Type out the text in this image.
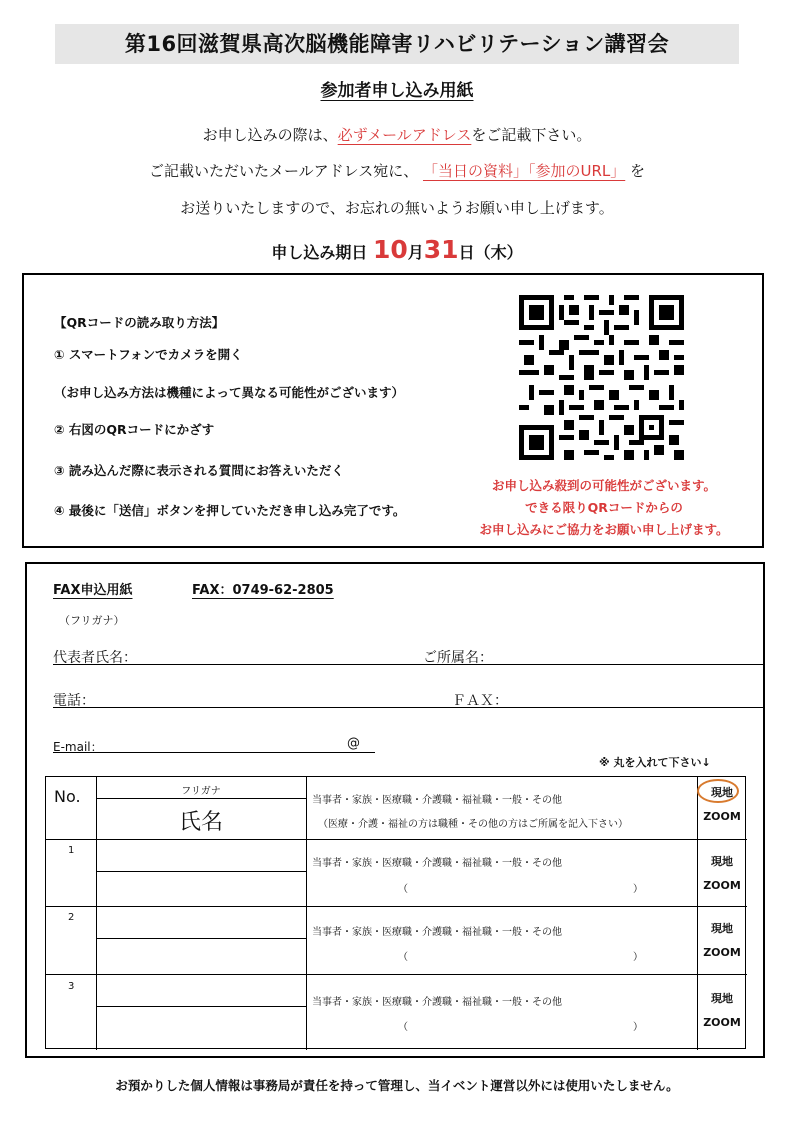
第16回滋賀県高次脳機能障害リハビリテーション講習会
参加者申し込み用紙
お申し込みの際は、必ずメールアドレスをご記載下さい。
ご記載いただいたメールアドレス宛に、 「当日の資料」「参加のURL」 を
お送りいたしますので、お忘れの無いようお願い申し上げます。
申し込み期日 10月31日（木）
【QRコードの読み取り方法】
① スマートフォンでカメラを開く
（お申し込み方法は機種によって異なる可能性がございます）
② 右図のQRコードにかざす
③ 読み込んだ際に表示される質問にお答えいただく
④ 最後に「送信」ボタンを押していただき申し込み完了です。
お申し込み殺到の可能性がございます。
できる限りQRコードからの
お申し込みにご協力をお願い申し上げます。
FAX申込用紙	FAX：0749-62-2805
（フリガナ）
代表者氏名：	ご所属名：
電話：	ＦＡＸ：
E-mail：	@
※ 丸を入れて下さい↓
No.	フリガナ
氏名
当事者・家族・医療職・介護職・福祉職・一般・その他
（医療・介護・福祉の方は職種・その他の方はご所属を記入下さい）
現地
ZOOM
1
当事者・家族・医療職・介護職・福祉職・一般・その他
（	）
現地
ZOOM
2
当事者・家族・医療職・介護職・福祉職・一般・その他
（	）
現地
ZOOM
3
当事者・家族・医療職・介護職・福祉職・一般・その他
（	）
現地
ZOOM
お預かりした個人情報は事務局が責任を持って管理し、当イベント運営以外には使用いたしません。
